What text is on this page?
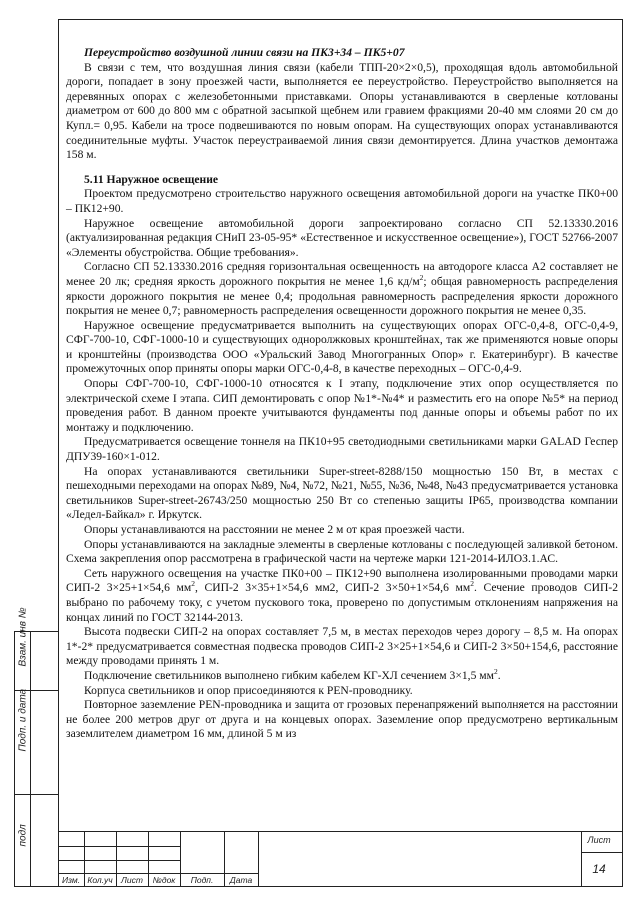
Переустройство воздушной линии связи на ПК3+34 – ПК5+07

В связи с тем, что воздушная линия связи (кабели ТПП-20×2×0,5), проходящая вдоль автомобильной дороги, попадает в зону проезжей части, выполняется ее переустройство. Переустройство выполняется на деревянных опорах с железобетонными приставками. Опоры устанавливаются в сверленые котлованы диаметром от 600 до 800 мм с обратной засыпкой щебнем или гравием фракциями 20-40 мм слоями 20 см до Купл.= 0,95. Кабели на тросе подвешиваются по новым опорам. На существующих опорах устанавливаются соединительные муфты. Участок переустраиваемой линия связи демонтируется. Длина участков демонтажа 158 м.

5.11 Наружное освещение

Проектом предусмотрено строительство наружного освещения автомобильной дороги на участке ПК0+00 – ПК12+90.

Наружное освещение автомобильной дороги запроектировано согласно СП 52.13330.2016 (актуализированная редакция СНиП 23-05-95* «Естественное и искусственное освещение»), ГОСТ 52766-2007 «Элементы обустройства. Общие требования».

Согласно СП 52.13330.2016 средняя горизонтальная освещенность на автодороге класса А2 составляет не менее 20 лк; средняя яркость дорожного покрытия не менее 1,6 $кд/м^2$; общая равномерность распределения яркости дорожного покрытия не менее 0,4; продольная равномерность распределения яркости дорожного покрытия не менее 0,7; равномерность распределения освещенности дорожного покрытия не менее 0,35.

Наружное освещение предусматривается выполнить на существующих опорах ОГС-0,4-8, ОГС-0,4-9, СФГ-700-10, СФГ-1000-10 и существующих одноролжковых кронштейнах, так же применяются новые опоры и кронштейны (производства ООО «Уральский Завод Многогранных Опор» г. Екатеринбург). В качестве промежуточных опор приняты опоры марки ОГС-0,4-8, в качестве переходных – ОГС-0,4-9.

Опоры СФГ-700-10, СФГ-1000-10 относятся к I этапу, подключение этих опор осуществляется по электрической схеме I этапа. СИП демонтировать с опор №1*-№4* и разместить его на опоре №5* на период проведения работ. В данном проекте учитываются фундаменты под данные опоры и объемы работ по их монтажу и подключению.

Предусматривается освещение тоннеля на ПК10+95 светодиодными светильниками марки GALAD Геспер ДПУ39-160×1-012.

На опорах устанавливаются светильники Super-street-8288/150 мощностью 150 Вт, в местах с пешеходными переходами на опорах №89, №4, №72, №21, №55, №36, №48, №43 предусматривается установка светильников Super-street-26743/250 мощностью 250 Вт со степенью защиты IP65, производства компании «Ледел-Байкал» г. Иркутск.

Опоры устанавливаются на расстоянии не менее 2 м от края проезжей части.

Опоры устанавливаются на закладные элементы в сверленые котлованы с последующей заливкой бетоном. Схема закрепления опор рассмотрена в графической части на чертеже марки 121-2014-ИЛОЗ.1.АС.

Сеть наружного освещения на участке ПК0+00 – ПК12+90 выполнена изолированными проводами марки СИП-2 3×25+1×54,6 $мм^2$, СИП-2 3×35+1×54,6 мм2, СИП-2 3×50+1×54,6 $мм^2$. Сечение проводов СИП-2 выбрано по рабочему току, с учетом пускового тока, проверено по допустимым отклонениям напряжения на концах линий по ГОСТ 32144-2013.

Высота подвески СИП-2 на опорах составляет 7,5 м, в местах переходов через дорогу – 8,5 м. На опорах 1*-2* предусматривается совместная подвеска проводов СИП-2 3×25+1×54,6 и СИП-2 3×50+154,6, расстояние между проводами принять 1 м.

Подключение светильников выполнено гибким кабелем КГ-ХЛ сечением 3×1,5 $мм^2$.

Корпуса светильников и опор присоединяются к PEN-проводнику.

Повторное заземление PEN-проводника и защита от грозовых перенапряжений выполняется на расстоянии не более 200 метров друг от друга и на концевых опорах. Заземление опор предусмотрено вертикальным заземлителем диаметром 16 мм, длиной 5 м из

Взам. инв №
Подп. и дата
подл
Изм. Кол.уч Лист	№док	Подп.	Дата
Лист
14
